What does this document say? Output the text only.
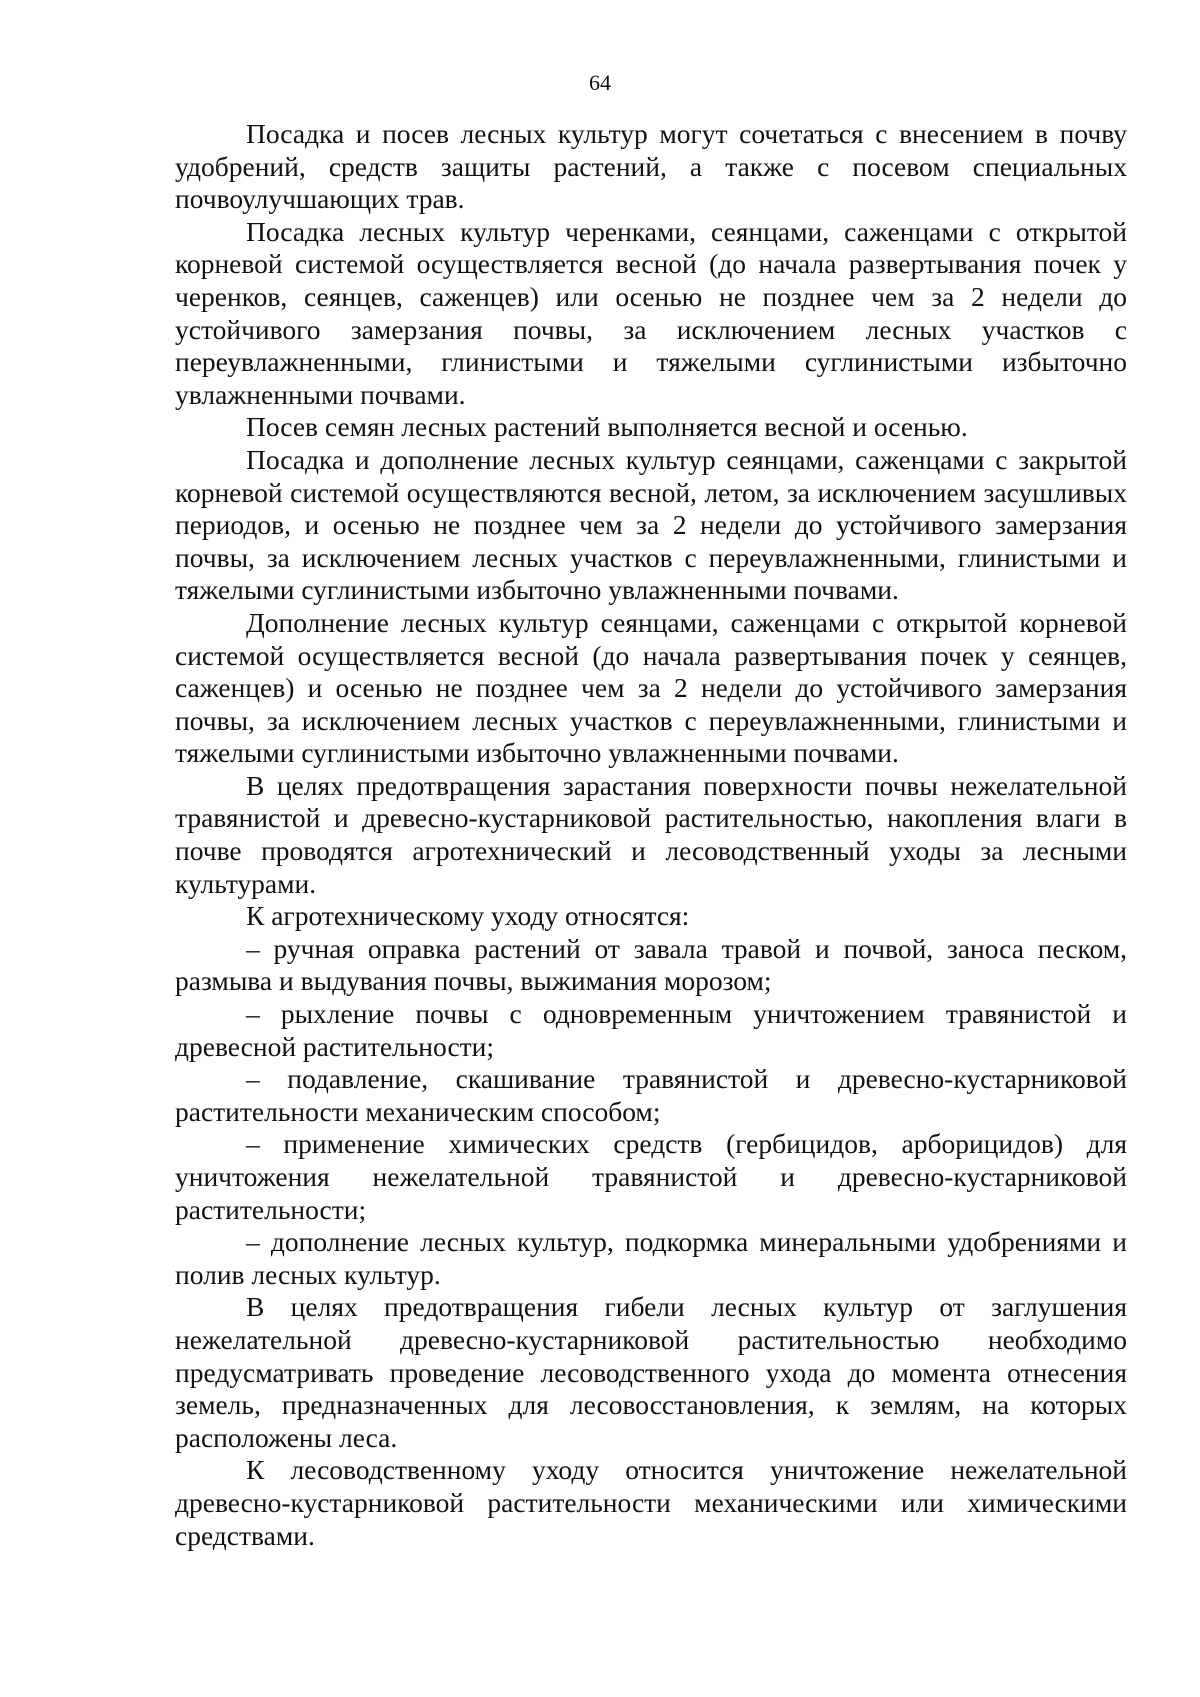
64

Посадка и посев лесных культур могут сочетаться с внесением в почву удобрений, средств защиты растений, а также с посевом специальных почвоулучшающих трав.

Посадка лесных культур черенками, сеянцами, саженцами с открытой корневой системой осуществляется весной (до начала развертывания почек у черенков, сеянцев, саженцев) или осенью не позднее чем за 2 недели до устойчивого замерзания почвы, за исключением лесных участков с переувлажненными, глинистыми и тяжелыми суглинистыми избыточно увлажненными почвами.

Посев семян лесных растений выполняется весной и осенью.

Посадка и дополнение лесных культур сеянцами, саженцами с закрытой корневой системой осуществляются весной, летом, за исключением засушливых периодов, и осенью не позднее чем за 2 недели до устойчивого замерзания почвы, за исключением лесных участков с переувлажненными, глинистыми и тяжелыми суглинистыми избыточно увлажненными почвами.

Дополнение лесных культур сеянцами, саженцами с открытой корневой системой осуществляется весной (до начала развертывания почек у сеянцев, саженцев) и осенью не позднее чем за 2 недели до устойчивого замерзания почвы, за исключением лесных участков с переувлажненными, глинистыми и тяжелыми суглинистыми избыточно увлажненными почвами.

В целях предотвращения зарастания поверхности почвы нежелательной травянистой и древесно-кустарниковой растительностью, накопления влаги в почве проводятся агротехнический и лесоводственный уходы за лесными культурами.

К агротехническому уходу относятся:

– ручная оправка растений от завала травой и почвой, заноса песком, размыва и выдувания почвы, выжимания морозом;

– рыхление почвы с одновременным уничтожением травянистой и древесной растительности;

– подавление, скашивание травянистой и древесно-кустарниковой растительности механическим способом;

– применение химических средств (гербицидов, арборицидов) для уничтожения нежелательной травянистой и древесно-кустарниковой растительности;

– дополнение лесных культур, подкормка минеральными удобрениями и полив лесных культур.

В целях предотвращения гибели лесных культур от заглушения нежелательной древесно-кустарниковой растительностью необходимо предусматривать проведение лесоводственного ухода до момента отнесения земель, предназначенных для лесовосстановления, к землям, на которых расположены леса.

К лесоводственному уходу относится уничтожение нежелательной древесно-кустарниковой растительности механическими или химическими средствами.
